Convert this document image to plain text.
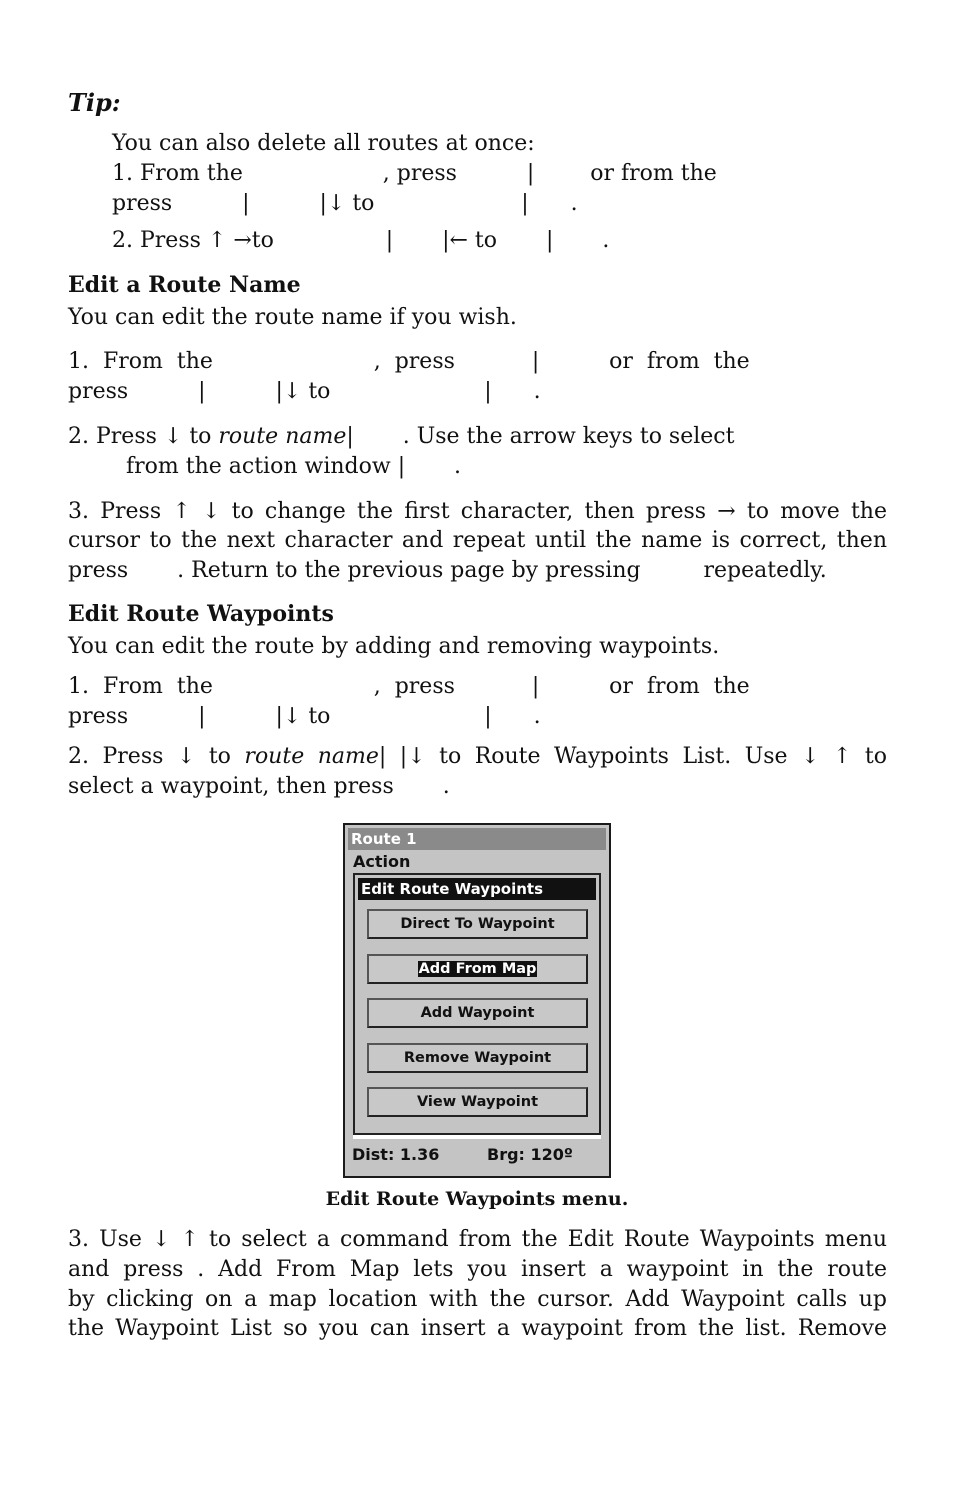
Tip:

You can also delete all routes at once:

1. From the                    , press          |        or from the

press          |          |↓ to                     |      .

2. Press ↑ →to                |       |← to       |       .

Edit a Route Name

You can edit the route name if you wish.

1.  From  the                       ,  press           |          or  from  the

press          |          |↓ to                      |      .

2. Press ↓ to route name|       . Use the arrow keys to select

from the action window |       .

3. Press ↑ ↓ to change the first character, then press → to move the

cursor to the next character and repeat until the name is correct, then

press       . Return to the previous page by pressing         repeatedly.

Edit Route Waypoints

You can edit the route by adding and removing waypoints.

1.  From  the                       ,  press           |          or  from  the

press          |          |↓ to                      |      .

2. Press ↓ to route name| |↓ to Route Waypoints List. Use ↓ ↑ to

select a waypoint, then press       .

Route 1
Action
Edit Route Waypoints
Direct To Waypoint
Add From Map
Add Waypoint
Remove Waypoint
View Waypoint
Dist: 1.36	Brg: 120º

Edit Route Waypoints menu.

3. Use ↓ ↑ to select a command from the Edit Route Waypoints menu

and press . Add From Map lets you insert a waypoint in the route

by clicking on a map location with the cursor. Add Waypoint calls up

the Waypoint List so you can insert a waypoint from the list. Remove
